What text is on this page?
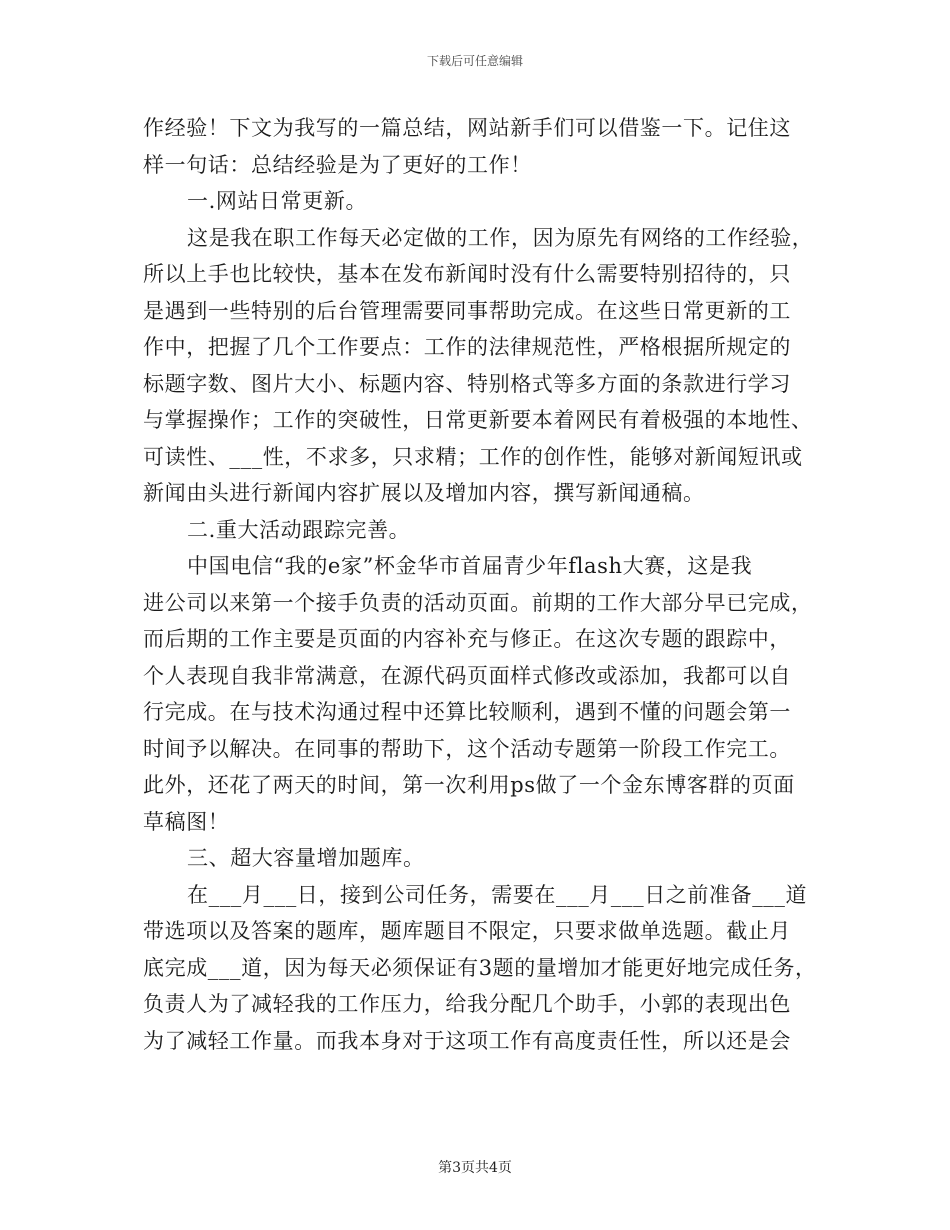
下载后可任意编辑
作经验！下文为我写的一篇总结，网站新手们可以借鉴一下。记住这
样一句话：总结经验是为了更好的工作！
一.网站日常更新。
这是我在职工作每天必定做的工作，因为原先有网络的工作经验，
所以上手也比较快，基本在发布新闻时没有什么需要特别招待的，只
是遇到一些特别的后台管理需要同事帮助完成。在这些日常更新的工
作中，把握了几个工作要点：工作的法律规范性，严格根据所规定的
标题字数、图片大小、标题内容、特别格式等多方面的条款进行学习
与掌握操作；工作的突破性，日常更新要本着网民有着极强的本地性、
可读性、___性，不求多，只求精；工作的创作性，能够对新闻短讯或
新闻由头进行新闻内容扩展以及增加内容，撰写新闻通稿。
二.重大活动跟踪完善。
中国电信“我的e家”杯金华市首届青少年flash大赛，这是我
进公司以来第一个接手负责的活动页面。前期的工作大部分早已完成，
而后期的工作主要是页面的内容补充与修正。在这次专题的跟踪中，
个人表现自我非常满意，在源代码页面样式修改或添加，我都可以自
行完成。在与技术沟通过程中还算比较顺利，遇到不懂的问题会第一
时间予以解决。在同事的帮助下，这个活动专题第一阶段工作完工。
此外，还花了两天的时间，第一次利用ps做了一个金东博客群的页面
草稿图！
三、超大容量增加题库。
在___月___日，接到公司任务，需要在___月___日之前准备___道
带选项以及答案的题库，题库题目不限定，只要求做单选题。截止月
底完成___道，因为每天必须保证有3题的量增加才能更好地完成任务，
负责人为了减轻我的工作压力，给我分配几个助手，小郭的表现出色
为了减轻工作量。而我本身对于这项工作有高度责任性，所以还是会
第3页共4页
